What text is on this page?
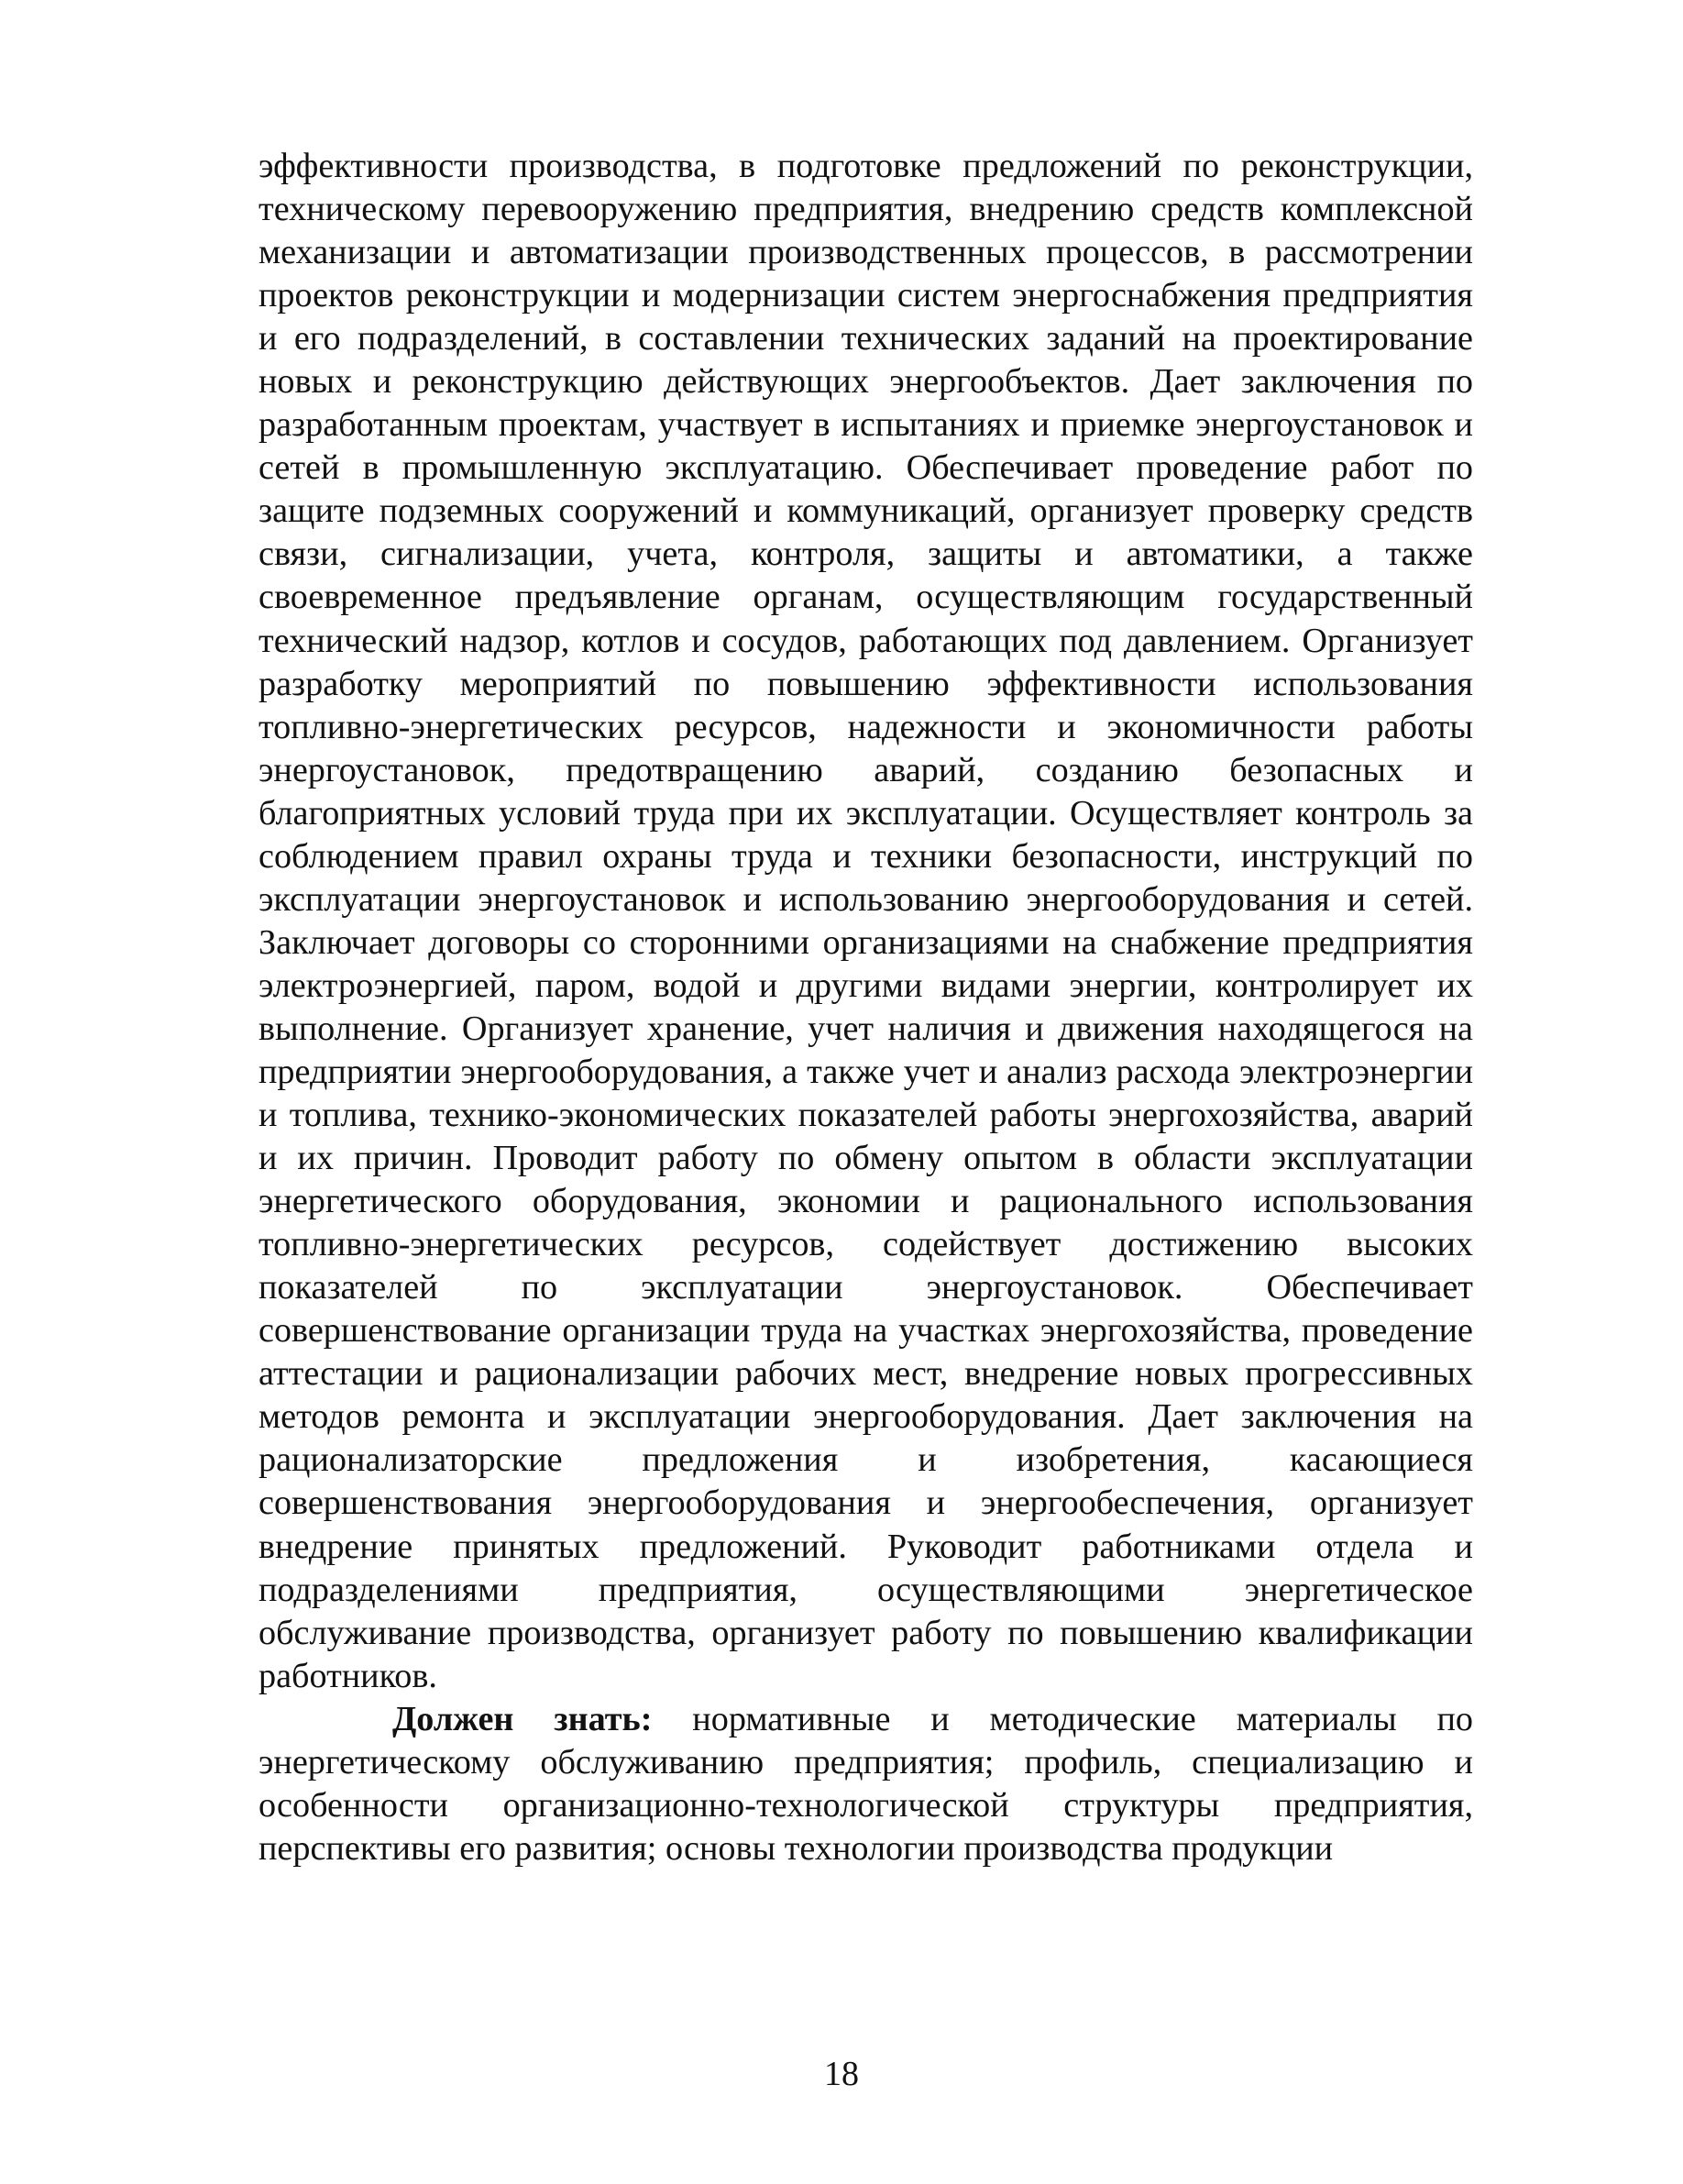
эффективности производства, в подготовке предложений по реконструкции, техническому перевооружению предприятия, внедрению средств комплексной механизации и автоматизации производственных процессов, в рассмотрении проектов реконструкции и модернизации систем энергоснабжения предприятия и его подразделений, в составлении технических заданий на проектирование новых и реконструкцию действующих энергообъектов. Дает заключения по разработанным проектам, участвует в испытаниях и приемке энергоустановок и сетей в промышленную эксплуатацию. Обеспечивает проведение работ по защите подземных сооружений и коммуникаций, организует проверку средств связи, сигнализации, учета, контроля, защиты и автоматики, а также своевременное предъявление органам, осуществляющим государственный технический надзор, котлов и сосудов, работающих под давлением. Организует разработку мероприятий по повышению эффективности использования топливно-энергетических ресурсов, надежности и экономичности работы энергоустановок, предотвращению аварий, созданию безопасных и благоприятных условий труда при их эксплуатации. Осуществляет контроль за соблюдением правил охраны труда и техники безопасности, инструкций по эксплуатации энергоустановок и использованию энергооборудования и сетей. Заключает договоры со сторонними организациями на снабжение предприятия электроэнергией, паром, водой и другими видами энергии, контролирует их выполнение. Организует хранение, учет наличия и движения находящегося на предприятии энергооборудования, а также учет и анализ расхода электроэнергии и топлива, технико-экономических показателей работы энергохозяйства, аварий и их причин. Проводит работу по обмену опытом в области эксплуатации энергетического оборудования, экономии и рационального использования топливно-энергетических ресурсов, содействует достижению высоких показателей по эксплуатации энергоустановок. Обеспечивает совершенствование организации труда на участках энергохозяйства, проведение аттестации и рационализации рабочих мест, внедрение новых прогрессивных методов ремонта и эксплуатации энергооборудования. Дает заключения на рационализаторские предложения и изобретения, касающиеся совершенствования энергооборудования и энергообеспечения, организует внедрение принятых предложений. Руководит работниками отдела и подразделениями предприятия, осуществляющими энергетическое обслуживание производства, организует работу по повышению квалификации работников.

Должен знать: нормативные и методические материалы по энергетическому обслуживанию предприятия; профиль, специализацию и особенности организационно-технологической структуры предприятия, перспективы его развития; основы технологии производства продукции

18
